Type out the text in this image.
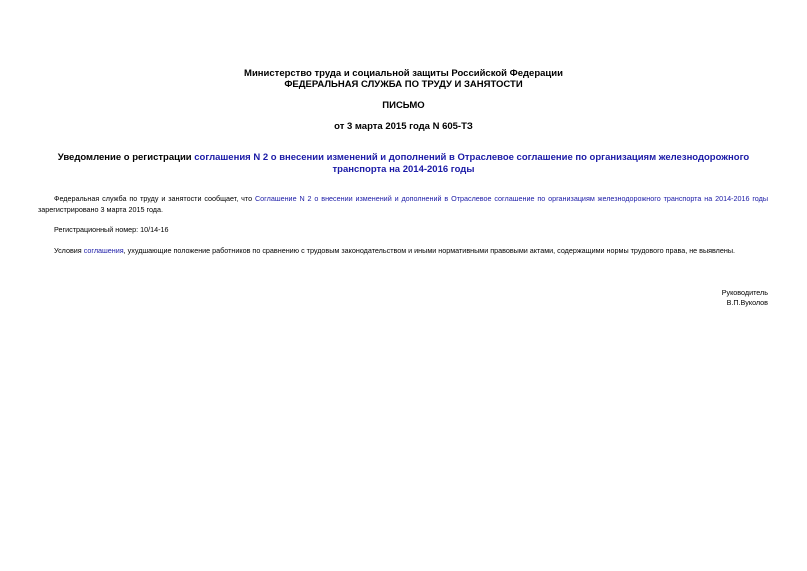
Министерство труда и социальной защиты Российской Федерации
ФЕДЕРАЛЬНАЯ СЛУЖБА ПО ТРУДУ И ЗАНЯТОСТИ
ПИСЬМО
от 3 марта 2015 года N 605-ТЗ
Уведомление о регистрации соглашения N 2 о внесении изменений и дополнений в Отраслевое соглашение по организациям железнодорожного транспорта на 2014-2016 годы
Федеральная служба по труду и занятости сообщает, что Соглашение N 2 о внесении изменений и дополнений в Отраслевое соглашение по организациям железнодорожного транспорта на 2014-2016 годы зарегистрировано 3 марта 2015 года.
Регистрационный номер: 10/14-16
Условия соглашения, ухудшающие положение работников по сравнению с трудовым законодательством и иными нормативными правовыми актами, содержащими нормы трудового права, не выявлены.
Руководитель
В.П.Вуколов
